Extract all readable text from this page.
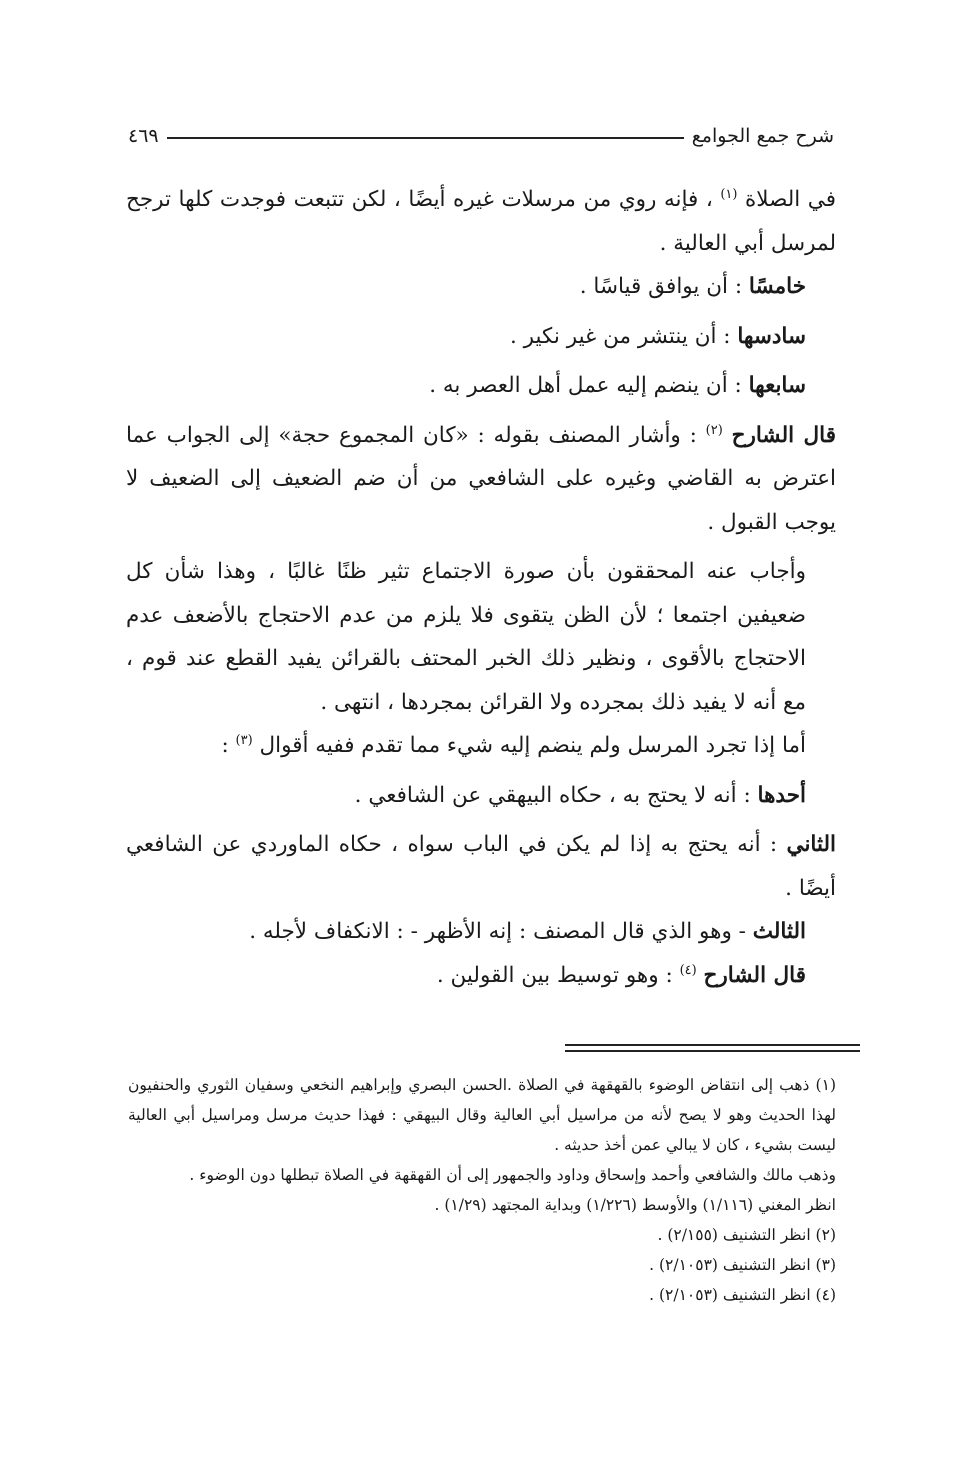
شرح جمع الجوامع
٤٦٩

في الصلاة $^{(١)}$ ، فإنه روي من مرسلات غيره أيضًا ، لكن تتبعت فوجدت كلها ترجح لمرسل أبي العالية .

خامسًا : أن يوافق قياسًا .

سادسها : أن ينتشر من غير نكير .

سابعها : أن ينضم إليه عمل أهل العصر به .

قال الشارح $^{(٢)}$ : وأشار المصنف بقوله : «كان المجموع حجة» إلى الجواب عما اعترض به القاضي وغيره على الشافعي من أن ضم الضعيف إلى الضعيف لا يوجب القبول .

وأجاب عنه المحققون بأن صورة الاجتماع تثير ظنًا غالبًا ، وهذا شأن كل ضعيفين اجتمعا ؛ لأن الظن يتقوى فلا يلزم من عدم الاحتجاج بالأضعف عدم الاحتجاج بالأقوى ، ونظير ذلك الخبر المحتف بالقرائن يفيد القطع عند قوم ، مع أنه لا يفيد ذلك بمجرده ولا القرائن بمجردها ، انتهى .

أما إذا تجرد المرسل ولم ينضم إليه شيء مما تقدم ففيه أقوال $^{(٣)}$ :

أحدها : أنه لا يحتج به ، حكاه البيهقي عن الشافعي .

الثاني : أنه يحتج به إذا لم يكن في الباب سواه ، حكاه الماوردي عن الشافعي أيضًا .

الثالث - وهو الذي قال المصنف : إنه الأظهر - : الانكفاف لأجله .

قال الشارح $^{(٤)}$ : وهو توسيط بين القولين .

(١) ذهب إلى انتقاض الوضوء بالقهقهة في الصلاة .الحسن البصري وإبراهيم النخعي وسفيان الثوري والحنفيون لهذا الحديث وهو لا يصح لأنه من مراسيل أبي العالية وقال البيهقي : فهذا حديث مرسل ومراسيل أبي العالية ليست بشيء ، كان لا يبالي عمن أخذ حديثه .

وذهب مالك والشافعي وأحمد وإسحاق وداود والجمهور إلى أن القهقهة في الصلاة تبطلها دون الوضوء .

انظر المغني (١/١١٦) والأوسط (١/٢٢٦) وبداية المجتهد (١/٢٩) .

(٢) انظر التشنيف (٢/١٥٥) .

(٣) انظر التشنيف (٢/١٠٥٣) .

(٤) انظر التشنيف (٢/١٠٥٣) .
